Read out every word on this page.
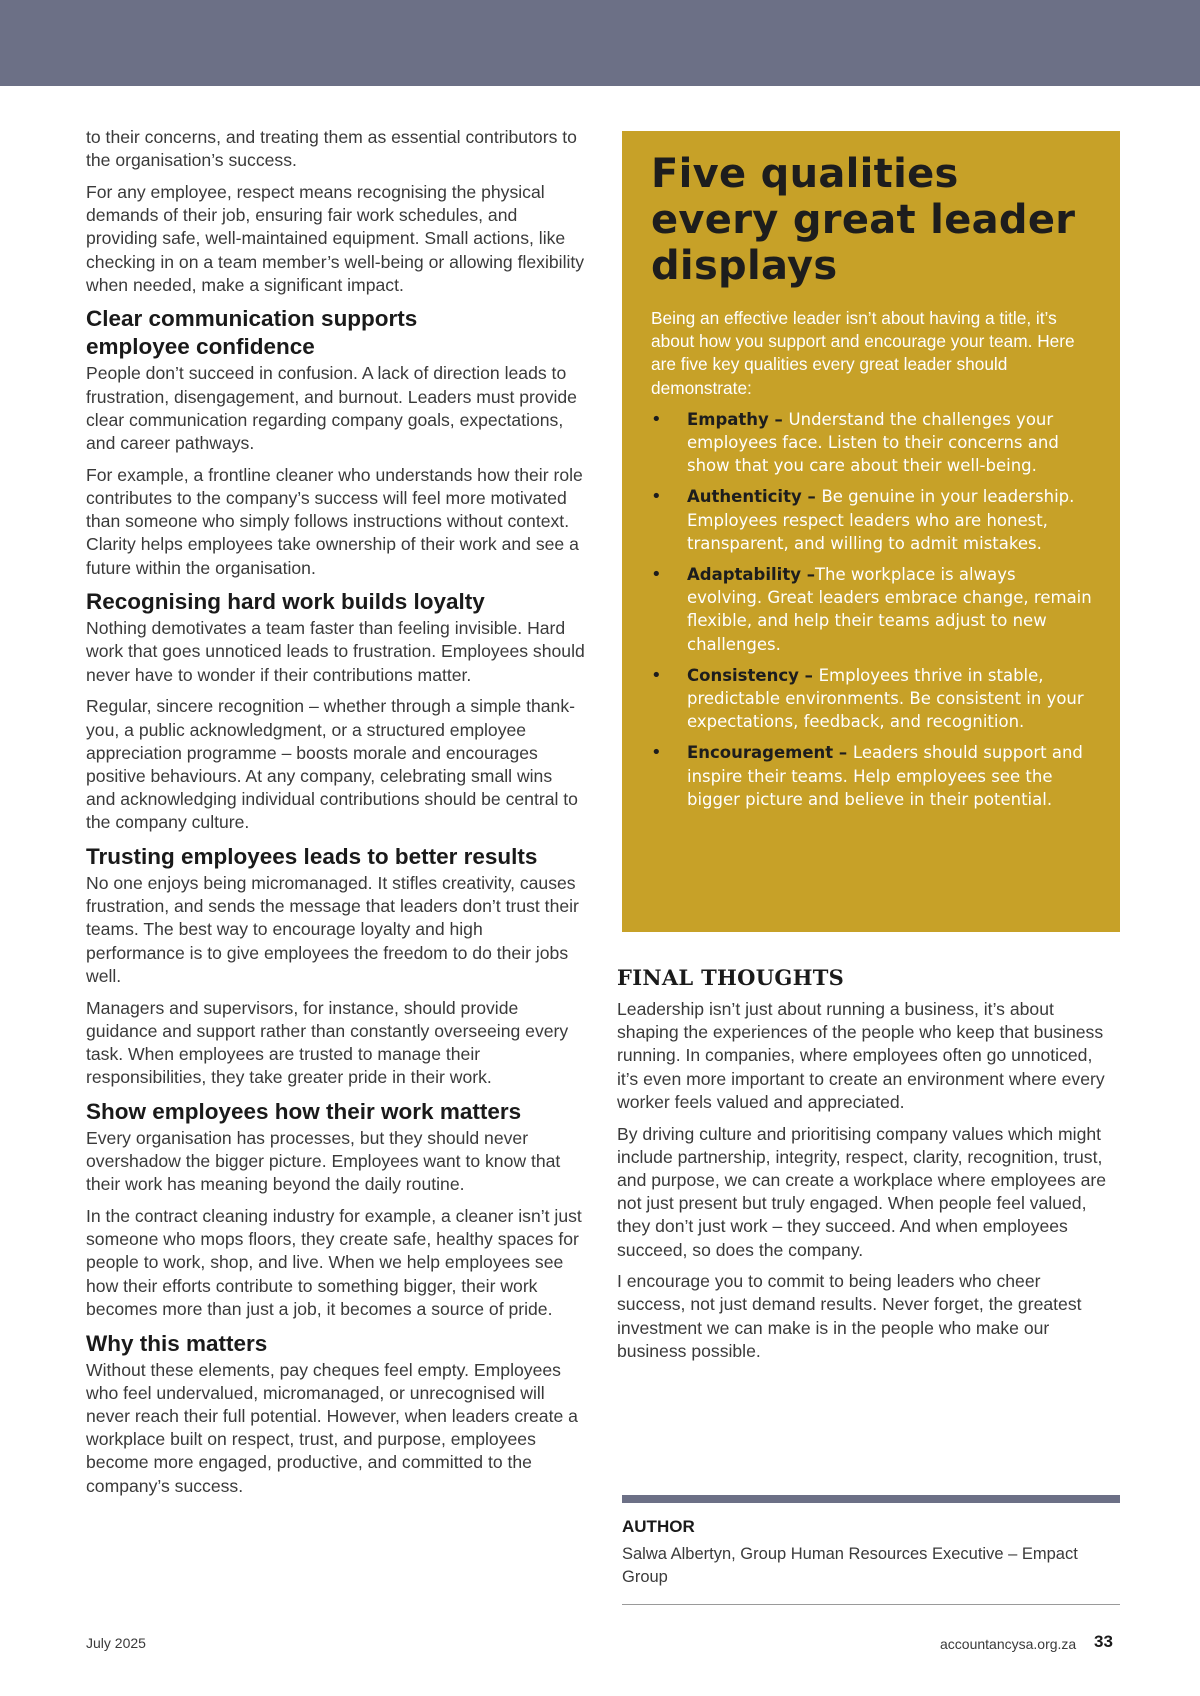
to their concerns, and treating them as essential contributors to the organisation’s success.

For any employee, respect means recognising the physical demands of their job, ensuring fair work schedules, and providing safe, well-maintained equipment. Small actions, like checking in on a team member’s well-being or allowing flexibility when needed, make a significant impact.

Clear communication supports employee confidence

People don’t succeed in confusion. A lack of direction leads to frustration, disengagement, and burnout. Leaders must provide clear communication regarding company goals, expectations, and career pathways.

For example, a frontline cleaner who understands how their role contributes to the company’s success will feel more motivated than someone who simply follows instructions without context. Clarity helps employees take ownership of their work and see a future within the organisation.

Recognising hard work builds loyalty

Nothing demotivates a team faster than feeling invisible. Hard work that goes unnoticed leads to frustration. Employees should never have to wonder if their contributions matter.

Regular, sincere recognition – whether through a simple thank-you, a public acknowledgment, or a structured employee appreciation programme – boosts morale and encourages positive behaviours. At any company, celebrating small wins and acknowledging individual contributions should be central to the company culture.

Trusting employees leads to better results

No one enjoys being micromanaged. It stifles creativity, causes frustration, and sends the message that leaders don’t trust their teams. The best way to encourage loyalty and high performance is to give employees the freedom to do their jobs well.

Managers and supervisors, for instance, should provide guidance and support rather than constantly overseeing every task. When employees are trusted to manage their responsibilities, they take greater pride in their work.

Show employees how their work matters

Every organisation has processes, but they should never overshadow the bigger picture. Employees want to know that their work has meaning beyond the daily routine.

In the contract cleaning industry for example, a cleaner isn’t just someone who mops floors, they create safe, healthy spaces for people to work, shop, and live. When we help employees see how their efforts contribute to something bigger, their work becomes more than just a job, it becomes a source of pride.

Why this matters

Without these elements, pay cheques feel empty. Employees who feel undervalued, micromanaged, or unrecognised will never reach their full potential. However, when leaders create a workplace built on respect, trust, and purpose, employees become more engaged, productive, and committed to the company’s success.

Five qualities every great leader displays

Being an effective leader isn’t about having a title, it’s about how you support and encourage your team. Here are five key qualities every great leader should demonstrate:

• Empathy – Understand the challenges your employees face. Listen to their concerns and show that you care about their well-being.
• Authenticity – Be genuine in your leadership. Employees respect leaders who are honest, transparent, and willing to admit mistakes.
• Adaptability –The workplace is always evolving. Great leaders embrace change, remain flexible, and help their teams adjust to new challenges.
• Consistency – Employees thrive in stable, predictable environments. Be consistent in your expectations, feedback, and recognition.
• Encouragement – Leaders should support and inspire their teams. Help employees see the bigger picture and believe in their potential.
FINAL THOUGHTS

Leadership isn’t just about running a business, it’s about shaping the experiences of the people who keep that business running. In companies, where employees often go unnoticed, it’s even more important to create an environment where every worker feels valued and appreciated.

By driving culture and prioritising company values which might include partnership, integrity, respect, clarity, recognition, trust, and purpose, we can create a workplace where employees are not just present but truly engaged. When people feel valued, they don’t just work – they succeed. And when employees succeed, so does the company.

I encourage you to commit to being leaders who cheer success, not just demand results. Never forget, the greatest investment we can make is in the people who make our business possible.

AUTHOR
Salwa Albertyn, Group Human Resources Executive – Empact Group
July 2025	accountancysa.org.za 33
